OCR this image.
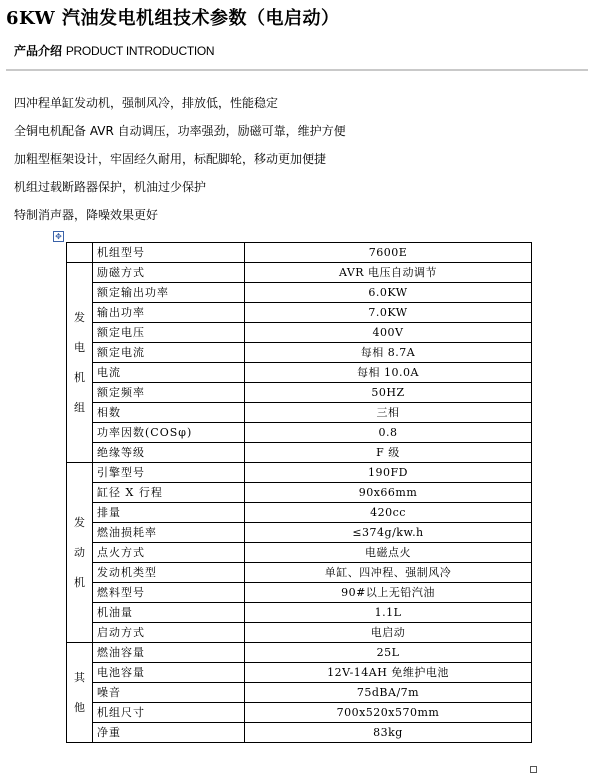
6KW 汽油发电机组技术参数（电启动）
产品介绍 PRODUCT INTRODUCTION
四冲程单缸发动机，强制风冷，排放低，性能稳定
全铜电机配备 AVR 自动调压，功率强劲，励磁可靠，维护方便
加粗型框架设计，牢固经久耐用，标配脚轮，移动更加便捷
机组过载断路器保护，机油过少保护
特制消声器，降噪效果更好
✥
	机组型号	7600E

发
电
机
组	励磁方式	AVR 电压自动调节
	额定输出功率	6.0KW
	输出功率	7.0KW
	额定电压	400V
	额定电流	每相 8.7A
	电流	每相 10.0A
	额定频率	50HZ
	相数	三相
	功率因数(COSφ)	0.8
	绝缘等级	F 级

发
动
机	引擎型号	190FD
	缸径 X 行程	90x66mm
	排量	420cc
	燃油损耗率	≤374g/kw.h
	点火方式	电磁点火
	发动机类型	单缸、四冲程、强制风冷
	燃料型号	90#以上无铅汽油
	机油量	1.1L
	启动方式	电启动

其
他	燃油容量	25L
	电池容量	12V-14AH 免维护电池
	噪音	75dBA/7m
	机组尺寸	700x520x570mm
	净重	83kg
